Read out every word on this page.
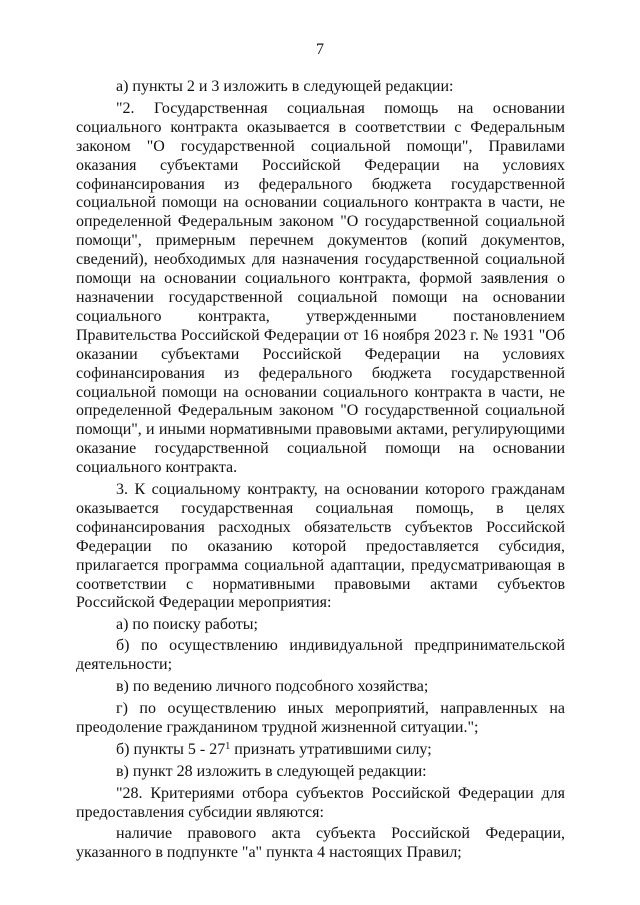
7

а) пункты 2 и 3 изложить в следующей редакции:

"2. Государственная социальная помощь на основании социального контракта оказывается в соответствии с Федеральным законом "О государственной социальной помощи", Правилами оказания субъектами Российской Федерации на условиях софинансирования из федерального бюджета государственной социальной помощи на основании социального контракта в части, не определенной Федеральным законом "О государственной социальной помощи", примерным перечнем документов (копий документов, сведений), необходимых для назначения государственной социальной помощи на основании социального контракта, формой заявления о назначении государственной социальной помощи на основании социального контракта, утвержденными постановлением Правительства Российской Федерации от 16 ноября 2023 г. № 1931 "Об оказании субъектами Российской Федерации на условиях софинансирования из федерального бюджета государственной социальной помощи на основании социального контракта в части, не определенной Федеральным законом "О государственной социальной помощи", и иными нормативными правовыми актами, регулирующими оказание государственной социальной помощи на основании социального контракта.

3. К социальному контракту, на основании которого гражданам оказывается государственная социальная помощь, в целях софинансирования расходных обязательств субъектов Российской Федерации по оказанию которой предоставляется субсидия, прилагается программа социальной адаптации, предусматривающая в соответствии с нормативными правовыми актами субъектов Российской Федерации мероприятия:

а) по поиску работы;

б) по осуществлению индивидуальной предпринимательской деятельности;

в) по ведению личного подсобного хозяйства;

г) по осуществлению иных мероприятий, направленных на преодоление гражданином трудной жизненной ситуации.";

б) пункты $5 - 27^1$ признать утратившими силу;

в) пункт 28 изложить в следующей редакции:

"28. Критериями отбора субъектов Российской Федерации для предоставления субсидии являются:

наличие правового акта субъекта Российской Федерации, указанного в подпункте "а" пункта 4 настоящих Правил;
